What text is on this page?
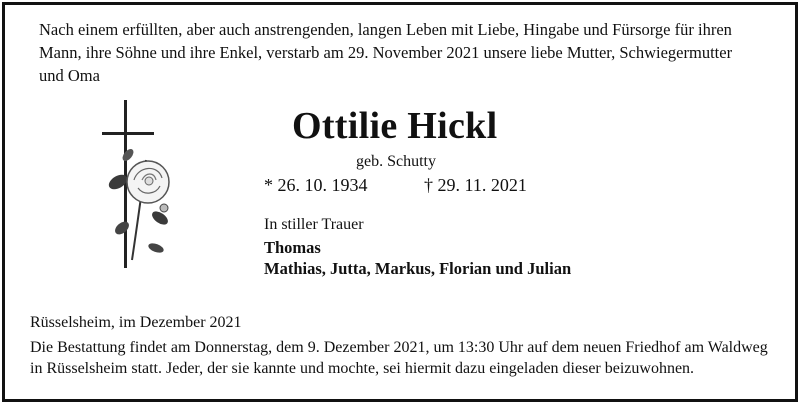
Nach einem erfüllten, aber auch anstrengenden, langen Leben mit Liebe, Hingabe und Fürsorge für ihren
Mann, ihre Söhne und ihre Enkel, verstarb am 29. November 2021 unsere liebe Mutter, Schwiegermutter
und Oma
Ottilie Hickl
geb. Schutty
* 26. 10. 1934	† 29. 11. 2021
In stiller Trauer
Thomas
Mathias, Jutta, Markus, Florian und Julian
Rüsselsheim, im Dezember 2021
Die Bestattung findet am Donnerstag, dem 9. Dezember 2021, um 13:30 Uhr auf dem neuen Friedhof am Waldweg
in Rüsselsheim statt. Jeder, der sie kannte und mochte, sei hiermit dazu eingeladen dieser beizuwohnen.
